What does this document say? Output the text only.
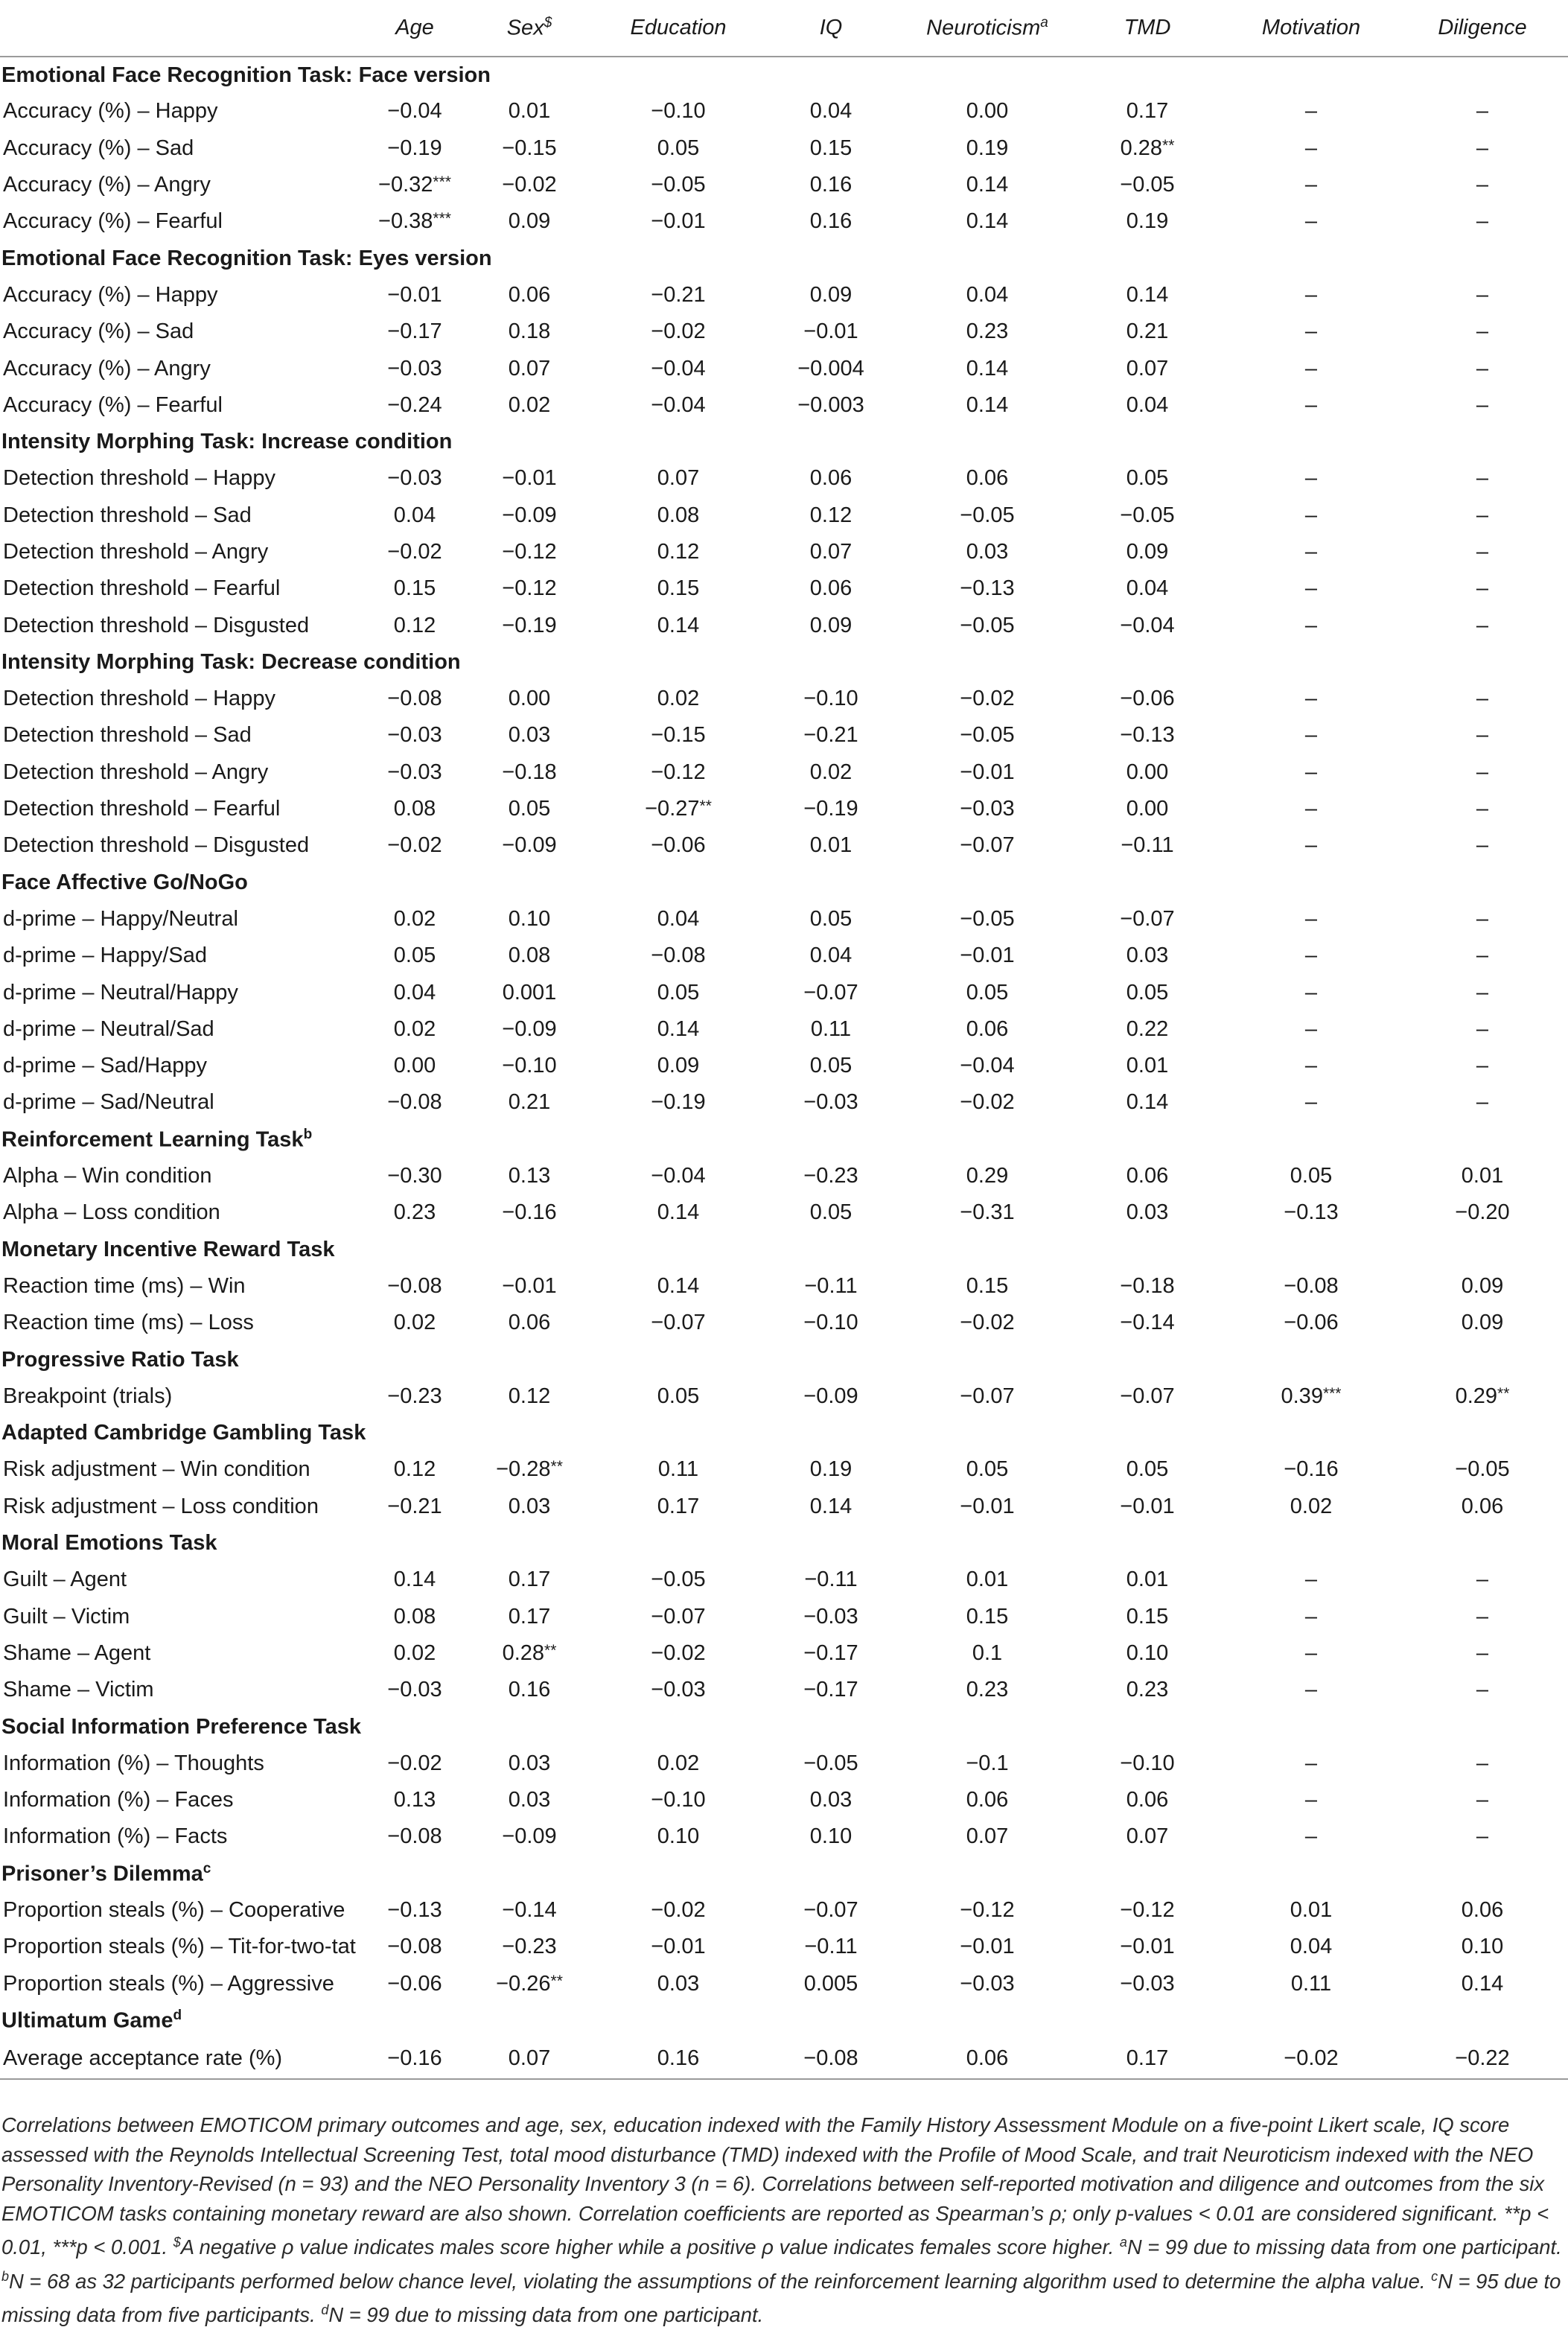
	Age	Sex$	Education	IQ	Neuroticism$^a$	TMD	Motivation	Diligence
Emotional Face Recognition Task: Face version								
Accuracy (%) – Happy	−0.04	0.01	−0.10	0.04	0.00	0.17	–	–
Accuracy (%) – Sad	−0.19	−0.15	0.05	0.15	0.19	0.28**	–	–
Accuracy (%) – Angry	−0.32***	−0.02	−0.05	0.16	0.14	−0.05	–	–
Accuracy (%) – Fearful	−0.38***	0.09	−0.01	0.16	0.14	0.19	–	–
Emotional Face Recognition Task: Eyes version								
Accuracy (%) – Happy	−0.01	0.06	−0.21	0.09	0.04	0.14	–	–
Accuracy (%) – Sad	−0.17	0.18	−0.02	−0.01	0.23	0.21	–	–
Accuracy (%) – Angry	−0.03	0.07	−0.04	−0.004	0.14	0.07	–	–
Accuracy (%) – Fearful	−0.24	0.02	−0.04	−0.003	0.14	0.04	–	–
Intensity Morphing Task: Increase condition								
Detection threshold – Happy	−0.03	−0.01	0.07	0.06	0.06	0.05	–	–
Detection threshold – Sad	0.04	−0.09	0.08	0.12	−0.05	−0.05	–	–
Detection threshold – Angry	−0.02	−0.12	0.12	0.07	0.03	0.09	–	–
Detection threshold – Fearful	0.15	−0.12	0.15	0.06	−0.13	0.04	–	–
Detection threshold – Disgusted	0.12	−0.19	0.14	0.09	−0.05	−0.04	–	–
Intensity Morphing Task: Decrease condition								
Detection threshold – Happy	−0.08	0.00	0.02	−0.10	−0.02	−0.06	–	–
Detection threshold – Sad	−0.03	0.03	−0.15	−0.21	−0.05	−0.13	–	–
Detection threshold – Angry	−0.03	−0.18	−0.12	0.02	−0.01	0.00	–	–
Detection threshold – Fearful	0.08	0.05	−0.27**	−0.19	−0.03	0.00	–	–
Detection threshold – Disgusted	−0.02	−0.09	−0.06	0.01	−0.07	−0.11	–	–
Face Affective Go/NoGo								
d-prime – Happy/Neutral	0.02	0.10	0.04	0.05	−0.05	−0.07	–	–
d-prime – Happy/Sad	0.05	0.08	−0.08	0.04	−0.01	0.03	–	–
d-prime – Neutral/Happy	0.04	0.001	0.05	−0.07	0.05	0.05	–	–
d-prime – Neutral/Sad	0.02	−0.09	0.14	0.11	0.06	0.22	–	–
d-prime – Sad/Happy	0.00	−0.10	0.09	0.05	−0.04	0.01	–	–
d-prime – Sad/Neutral	−0.08	0.21	−0.19	−0.03	−0.02	0.14	–	–
Reinforcement Learning Task$^b$
Alpha – Win condition	−0.30	0.13	−0.04	−0.23	0.29	0.06	0.05	0.01
Alpha – Loss condition	0.23	−0.16	0.14	0.05	−0.31	0.03	−0.13	−0.20
Monetary Incentive Reward Task								
Reaction time (ms) – Win	−0.08	−0.01	0.14	−0.11	0.15	−0.18	−0.08	0.09
Reaction time (ms) – Loss	0.02	0.06	−0.07	−0.10	−0.02	−0.14	−0.06	0.09
Progressive Ratio Task								
Breakpoint (trials)	−0.23	0.12	0.05	−0.09	−0.07	−0.07	0.39***	0.29**
Adapted Cambridge Gambling Task								
Risk adjustment – Win condition	0.12	−0.28**	0.11	0.19	0.05	0.05	−0.16	−0.05
Risk adjustment – Loss condition	−0.21	0.03	0.17	0.14	−0.01	−0.01	0.02	0.06
Moral Emotions Task								
Guilt – Agent	0.14	0.17	−0.05	−0.11	0.01	0.01	–	–
Guilt – Victim	0.08	0.17	−0.07	−0.03	0.15	0.15	–	–
Shame – Agent	0.02	0.28**	−0.02	−0.17	0.1	0.10	–	–
Shame – Victim	−0.03	0.16	−0.03	−0.17	0.23	0.23	–	–
Social Information Preference Task								
Information (%) – Thoughts	−0.02	0.03	0.02	−0.05	−0.1	−0.10	–	–
Information (%) – Faces	0.13	0.03	−0.10	0.03	0.06	0.06	–	–
Information (%) – Facts	−0.08	−0.09	0.10	0.10	0.07	0.07	–	–
Prisoner’s Dilemma$^c$
Proportion steals (%) – Cooperative	−0.13	−0.14	−0.02	−0.07	−0.12	−0.12	0.01	0.06
Proportion steals (%) – Tit-for-two-tat	−0.08	−0.23	−0.01	−0.11	−0.01	−0.01	0.04	0.10
Proportion steals (%) – Aggressive	−0.06	−0.26**	0.03	0.005	−0.03	−0.03	0.11	0.14
Ultimatum Game$^d$
Average acceptance rate (%)	−0.16	0.07	0.16	−0.08	0.06	0.17	−0.02	−0.22

Correlations between EMOTICOM primary outcomes and age, sex, education indexed with the Family History Assessment Module on a five-point Likert scale, IQ score assessed with the Reynolds Intellectual Screening Test, total mood disturbance (TMD) indexed with the Profile of Mood Scale, and trait Neuroticism indexed with the NEO Personality Inventory-Revised (n = 93) and the NEO Personality Inventory 3 (n = 6). Correlations between self-reported motivation and diligence and outcomes from the six EMOTICOM tasks containing monetary reward are also shown. Correlation coefficients are reported as Spearman’s ρ; only p-values < 0.01 are considered significant. **p < 0.01, ***p < 0.001. $A negative ρ value indicates males score higher while a positive ρ value indicates females score higher. $^a$N = 99 due to missing data from one participant. $^b$N = 68 as 32 participants performed below chance level, violating the assumptions of the reinforcement learning algorithm used to determine the alpha value. $^c$N = 95 due to missing data from five participants. $^d$N = 99 due to missing data from one participant.
